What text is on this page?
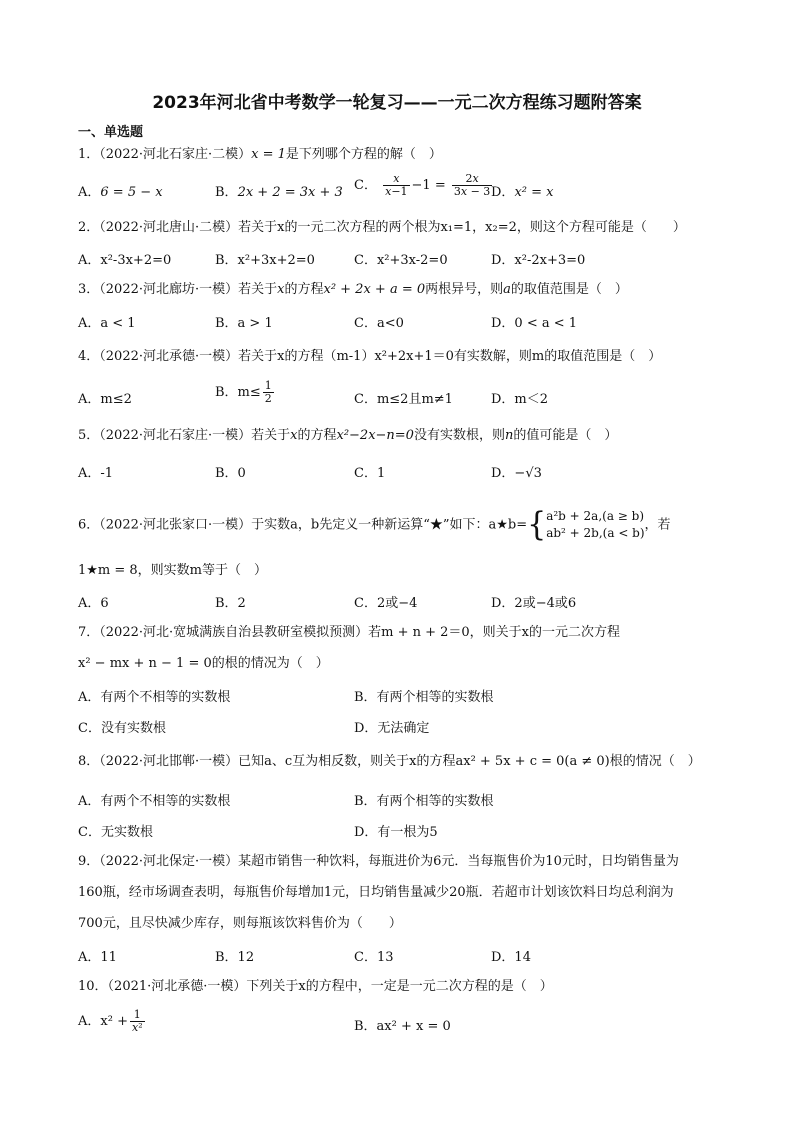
2023年河北省中考数学一轮复习——一元二次方程练习题附答案
一、单选题
1．（2022·河北石家庄·二模）x = 1是下列哪个方程的解（　）
A．6 = 5 − x	B．2x + 2 = 3x + 3 C． $\frac{x}{x-1} -1 = \frac{2x}{3x - 3}$
D．x² = x
2．（2022·河北唐山·二模）若关于x的一元二次方程的两个根为x₁=1，x₂=2，则这个方程可能是（　　）
A．x²-3x+2=0	B．x²+3x+2=0	C．x²+3x-2=0	D．x²-2x+3=0
3．（2022·河北廊坊·一模）若关于x的方程x² + 2x + a = 0两根异号，则a的取值范围是（　）
A．a < 1	B．a > 1	C．a<0	D．0 < a < 1
4．（2022·河北承德·一模）若关于x的方程（m-1）x²+2x+1＝0有实数解，则m的取值范围是（　）
A．m≤2	B．$m\le \frac{1}{2}$	C．m≤2且m≠1	D．m＜2
5．（2022·河北石家庄·一模）若关于x的方程x²−2x−n=0没有实数根，则n的值可能是（　）
A．-1	B．0	C．1	D．−√3
6．（2022·河北张家口·一模）于实数a，b先定义一种新运算“★”如下：a★b={ a²b + 2a,(a ≥ b)
ab² + 2b,(a < b)
，若
1★m = 8，则实数m等于（　）
A．6	B．2	C．2或−4	D．2或−4或6
7．（2022·河北·宽城满族自治县教研室模拟预测）若m + n + 2＝0，则关于x的一元二次方程
x² − mx + n − 1 = 0的根的情况为（　）
A．有两个不相等的实数根	B．有两个相等的实数根
C．没有实数根	D．无法确定
8．（2022·河北邯郸·一模）已知a、c互为相反数，则关于x的方程ax² + 5x + c = 0(a ≠ 0)根的情况（　）
A．有两个不相等的实数根	B．有两个相等的实数根
C．无实数根	D．有一根为5
9．（2022·河北保定·一模）某超市销售一种饮料，每瓶进价为6元．当每瓶售价为10元时，日均销售量为
160瓶，经市场调查表明，每瓶售价每增加1元，日均销售量减少20瓶．若超市计划该饮料日均总利润为
700元，且尽快减少库存，则每瓶该饮料售价为（　　）
A．11	B．12	C．13	D．14
10．（2021·河北承德·一模）下列关于x的方程中，一定是一元二次方程的是（　）
A．$x^2 + \frac{1}{\text{x²}}$	B．ax² + x = 0
